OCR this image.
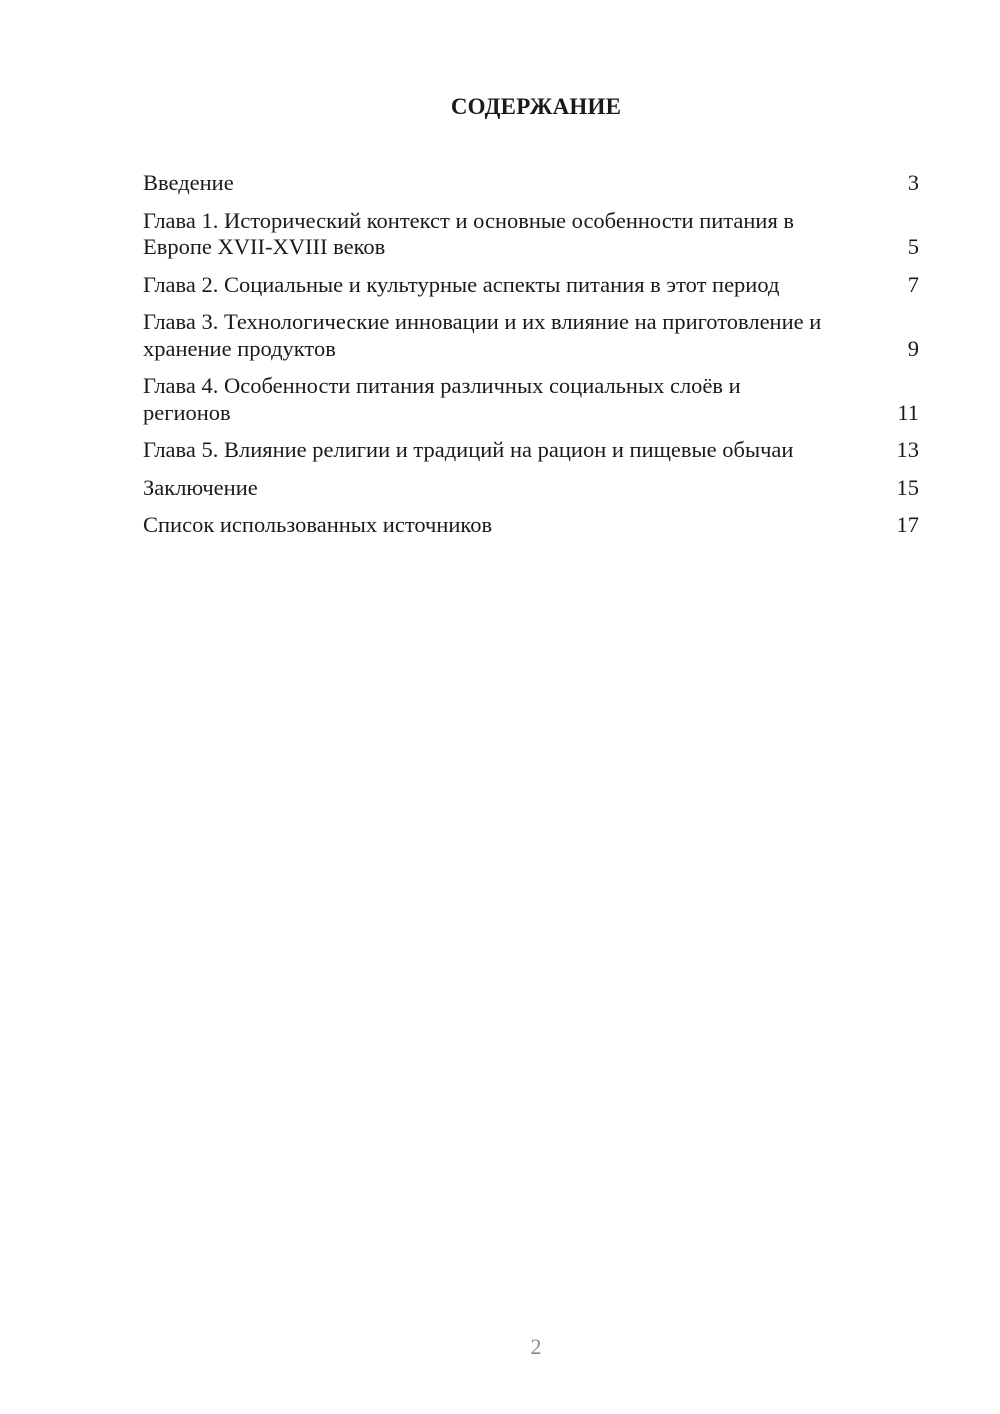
СОДЕРЖАНИЕ
Введение	3
Глава 1. Исторический контекст и основные особенности питания в Европе XVII-XVIII веков	5
Глава 2. Социальные и культурные аспекты питания в этот период	7
Глава 3. Технологические инновации и их влияние на приготовление и хранение продуктов	9
Глава 4. Особенности питания различных социальных слоёв и регионов	11
Глава 5. Влияние религии и традиций на рацион и пищевые обычаи	13
Заключение	15
Список использованных источников	17
2
